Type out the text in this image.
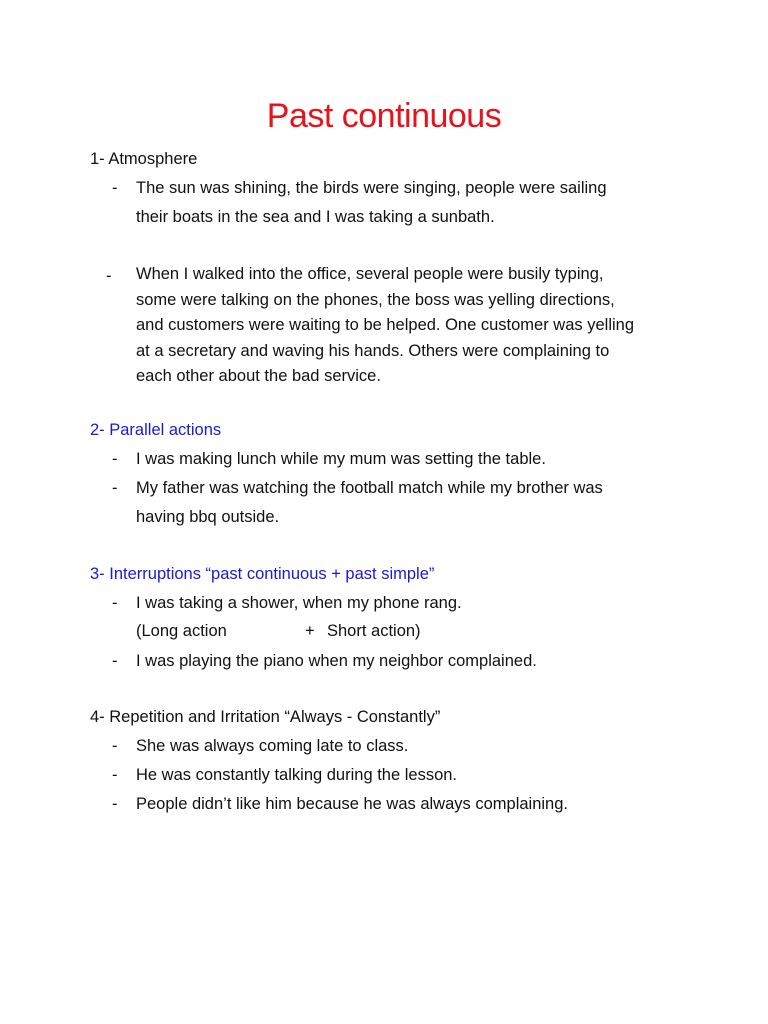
Past continuous
1- Atmosphere
- The sun was shining, the birds were singing, people were sailing
their boats in the sea and I was taking a sunbath.
- When I walked into the office, several people were busily typing,
some were talking on the phones, the boss was yelling directions,
and customers were waiting to be helped. One customer was yelling
at a secretary and waving his hands. Others were complaining to
each other about the bad service.
2- Parallel actions
- I was making lunch while my mum was setting the table.
- My father was watching the football match while my brother was
having bbq outside.
3- Interruptions “past continuous + past simple”
- I was taking a shower, when my phone rang.
(Long action	+ Short action)
- I was playing the piano when my neighbor complained.
4- Repetition and Irritation “Always - Constantly”
- She was always coming late to class.
- He was constantly talking during the lesson.
- People didn’t like him because he was always complaining.
